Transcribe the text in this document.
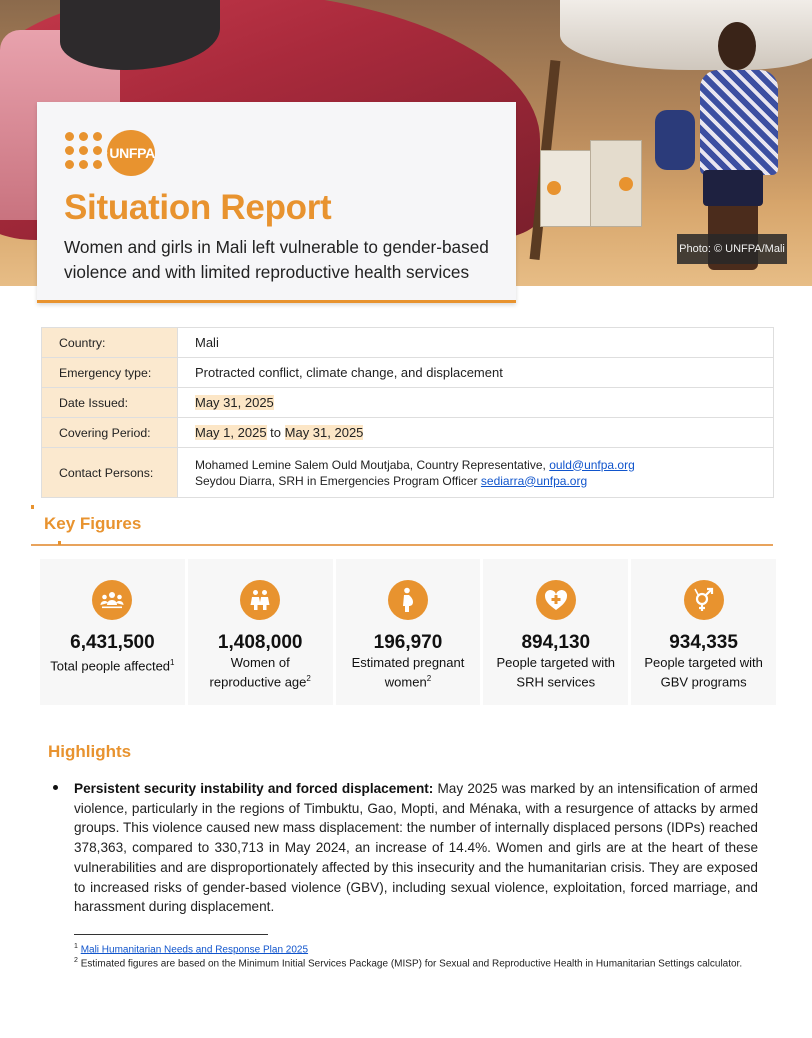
Photo: © UNFPA/Mali
UNFPA
Situation Report

Women and girls in Mali left vulnerable to gender-based violence and with limited reproductive health services

Country:	Mali
Emergency type:	Protracted conflict, climate change, and displacement
Date Issued:	May 31, 2025
Covering Period:	May 1, 2025 to May 31, 2025
Contact Persons:	Mohamed Lemine Salem Ould Moutjaba, Country Representative, ould@unfpa.org
Seydou Diarra, SRH in Emergencies Program Officer sediarra@unfpa.org
Key Figures
6,431,500
Total people affected$^1$
1,408,000
Women of reproductive age$^2$
196,970
Estimated pregnant women$^2$
894,130
People targeted with SRH services
934,335
People targeted with GBV programs
Highlights

Persistent security instability and forced displacement: May 2025 was marked by an intensification of armed violence, particularly in the regions of Timbuktu, Gao, Mopti, and Ménaka, with a resurgence of attacks by armed groups. This violence caused new mass displacement: the number of internally displaced persons (IDPs) reached 378,363, compared to 330,713 in May 2024, an increase of 14.4%. Women and girls are at the heart of these vulnerabilities and are disproportionately affected by this insecurity and the humanitarian crisis. They are exposed to increased risks of gender-based violence (GBV), including sexual violence, exploitation, forced marriage, and harassment during displacement.

$^1$ Mali Humanitarian Needs and Response Plan 2025

$^2$ Estimated figures are based on the Minimum Initial Services Package (MISP) for Sexual and Reproductive Health in Humanitarian Settings calculator.
